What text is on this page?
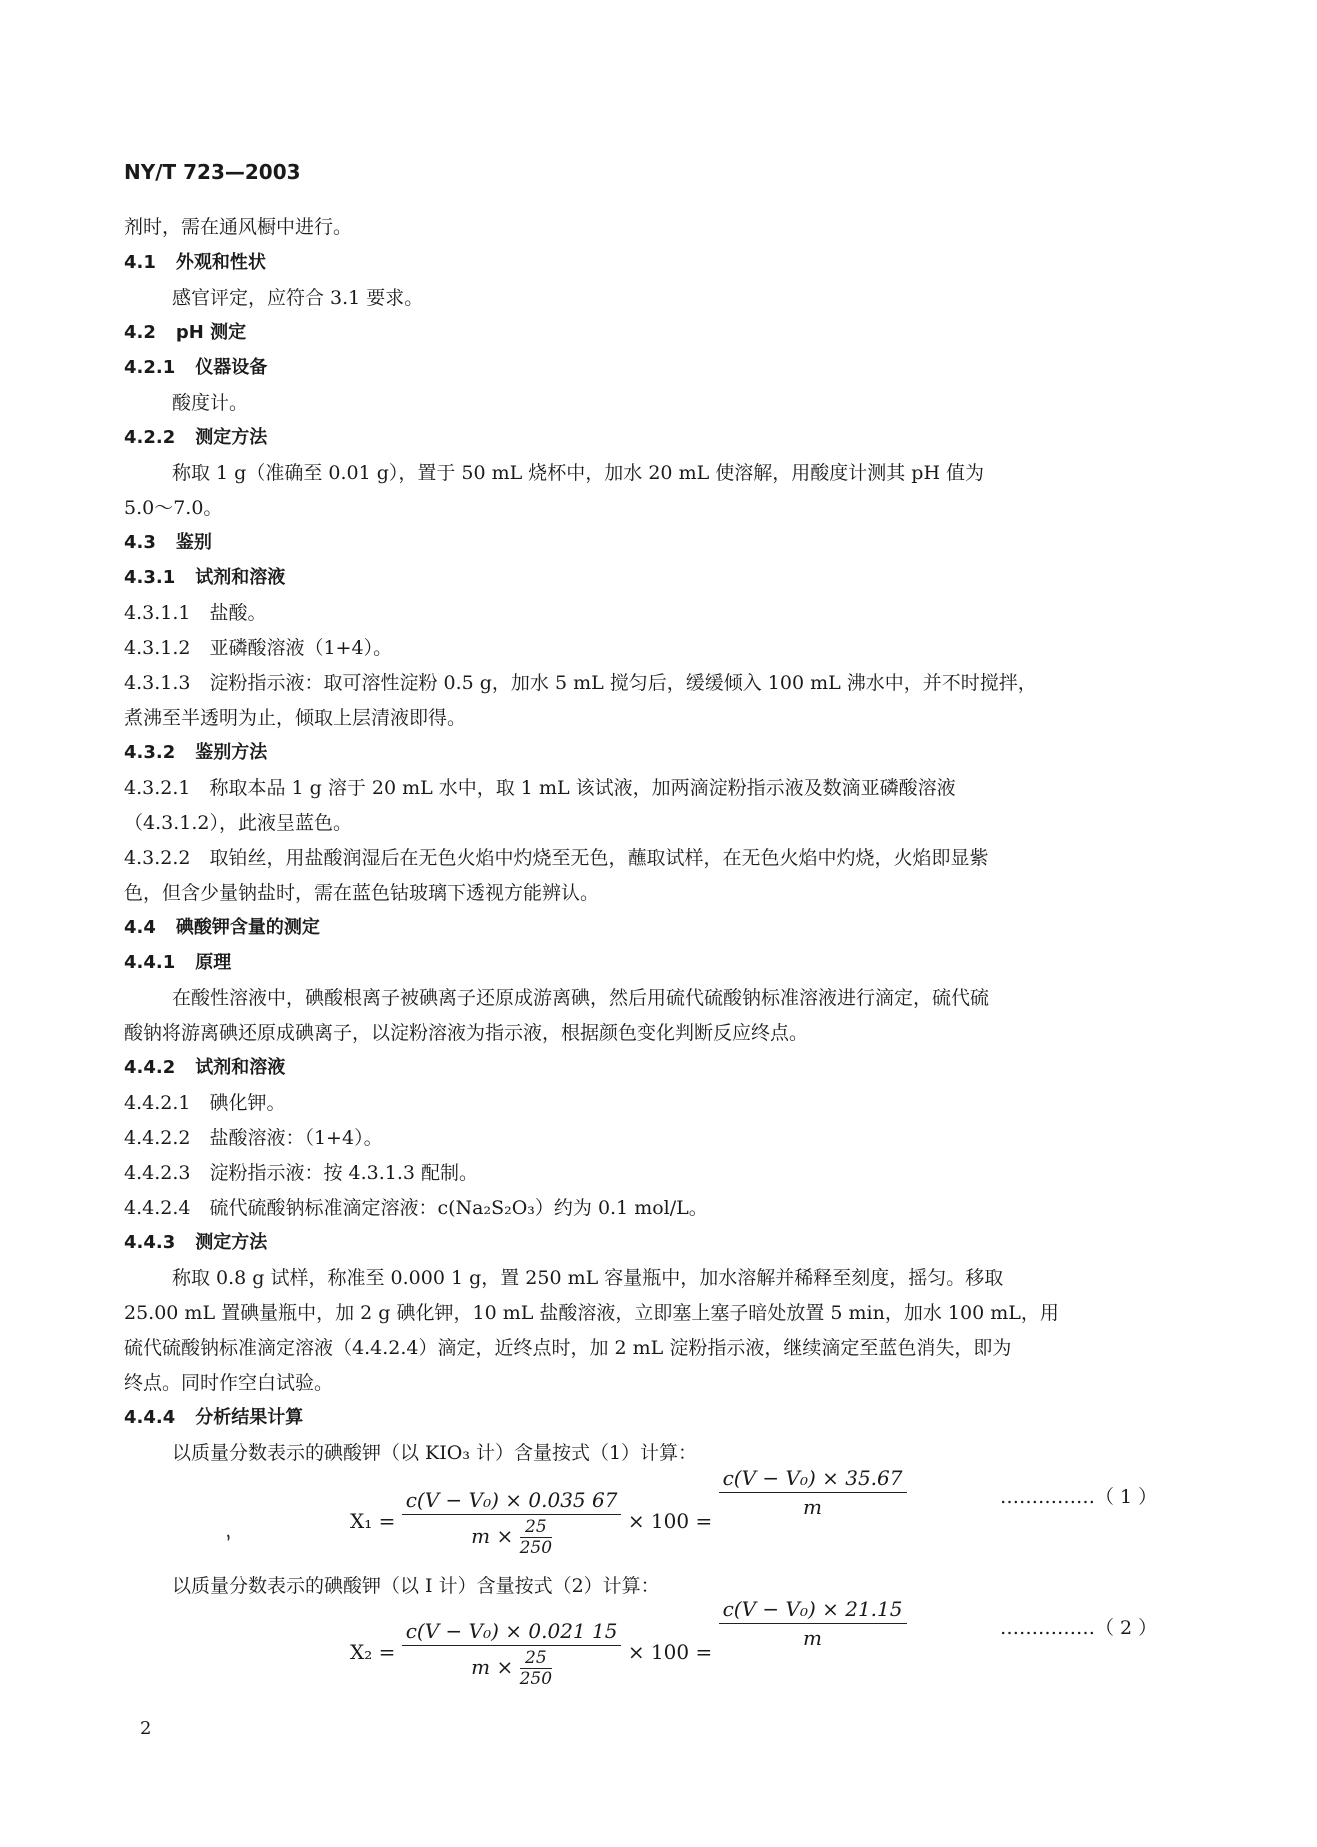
NY/T 723—2003
剂时，需在通风橱中进行。
4.1 外观和性状
感官评定，应符合 3.1 要求。
4.2 pH 测定
4.2.1 仪器设备
酸度计。
4.2.2 测定方法
称取 1 g（准确至 0.01 g），置于 50 mL 烧杯中，加水 20 mL 使溶解，用酸度计测其 pH 值为
5.0～7.0。
4.3 鉴别
4.3.1 试剂和溶液
4.3.1.1　盐酸。
4.3.1.2　亚磷酸溶液（1+4）。
4.3.1.3　淀粉指示液：取可溶性淀粉 0.5 g，加水 5 mL 搅匀后，缓缓倾入 100 mL 沸水中，并不时搅拌，
煮沸至半透明为止，倾取上层清液即得。
4.3.2 鉴别方法
4.3.2.1　称取本品 1 g 溶于 20 mL 水中，取 1 mL 该试液，加两滴淀粉指示液及数滴亚磷酸溶液
（4.3.1.2），此液呈蓝色。
4.3.2.2　取铂丝，用盐酸润湿后在无色火焰中灼烧至无色，蘸取试样，在无色火焰中灼烧，火焰即显紫
色，但含少量钠盐时，需在蓝色钴玻璃下透视方能辨认。
4.4 碘酸钾含量的测定
4.4.1 原理
在酸性溶液中，碘酸根离子被碘离子还原成游离碘，然后用硫代硫酸钠标准溶液进行滴定，硫代硫
酸钠将游离碘还原成碘离子，以淀粉溶液为指示液，根据颜色变化判断反应终点。
4.4.2 试剂和溶液
4.4.2.1　碘化钾。
4.4.2.2　盐酸溶液：（1+4）。
4.4.2.3　淀粉指示液：按 4.3.1.3 配制。
4.4.2.4　硫代硫酸钠标准滴定溶液：c(Na₂S₂O₃）约为 0.1 mol/L。
4.4.3 测定方法
称取 0.8 g 试样，称准至 0.000 1 g，置 250 mL 容量瓶中，加水溶解并稀释至刻度，摇匀。移取
25.00 mL 置碘量瓶中，加 2 g 碘化钾，10 mL 盐酸溶液，立即塞上塞子暗处放置 5 min，加水 100 mL，用
硫代硫酸钠标准滴定溶液（4.4.2.4）滴定，近终点时，加 2 mL 淀粉指示液，继续滴定至蓝色消失，即为
终点。同时作空白试验。
4.4.4 分析结果计算
以质量分数表示的碘酸钾（以 KIO₃ 计）含量按式（1）计算：
$X_1 = \frac{\text{c(V − V₀) × 0.035 67}}{m \times \frac{25}{250}} \times 100$ =
$\frac{\text{c(V − V₀) × 35.67}}{m}$	……………（ 1 ）
,
以质量分数表示的碘酸钾（以 I 计）含量按式（2）计算：
$X_2 = \frac{\text{c(V − V₀) × 0.021 15}}{m \times \frac{25}{250}} \times 100$ =
$\frac{\text{c(V − V₀) × 21.15}}{m}$	……………（ 2 ）
2
